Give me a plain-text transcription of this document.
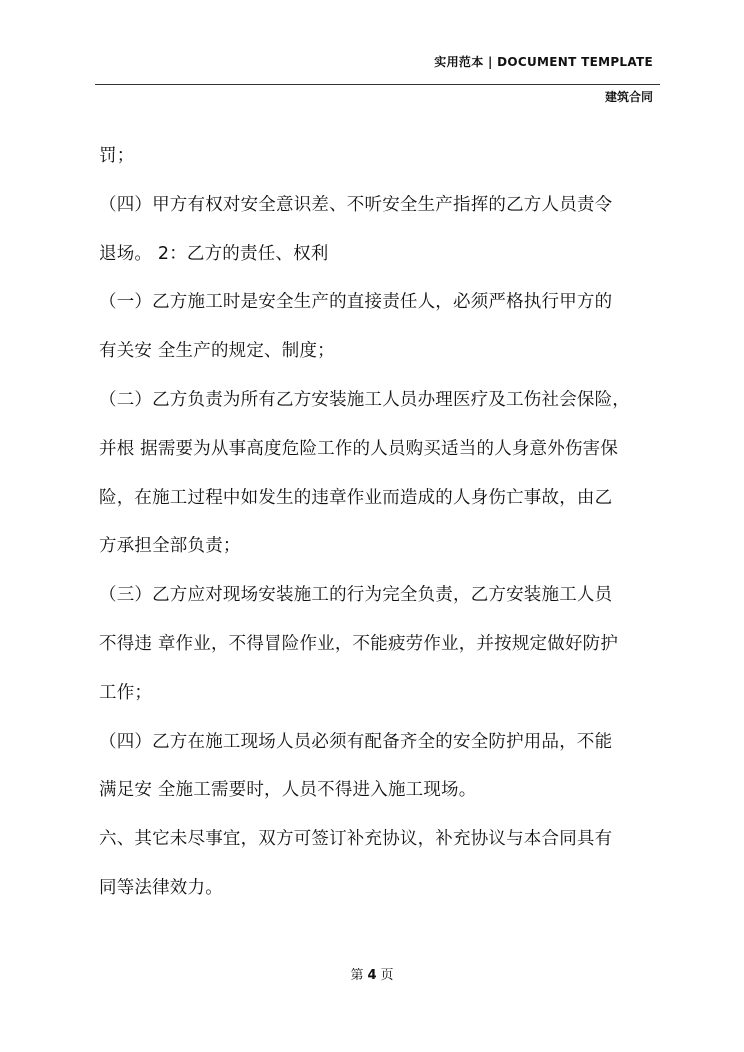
实用范本 | DOCUMENT TEMPLATE
建筑合同
罚；
（四）甲方有权对安全意识差、不听安全生产指挥的乙方人员责令
退场。 2：乙方的责任、权利
（一）乙方施工时是安全生产的直接责任人，必须严格执行甲方的
有关安 全生产的规定、制度；
（二）乙方负责为所有乙方安装施工人员办理医疗及工伤社会保险，
并根 据需要为从事高度危险工作的人员购买适当的人身意外伤害保
险，在施工过程中如发生的违章作业而造成的人身伤亡事故，由乙
方承担全部负责；
（三）乙方应对现场安装施工的行为完全负责，乙方安装施工人员
不得违 章作业，不得冒险作业，不能疲劳作业，并按规定做好防护
工作；
（四）乙方在施工现场人员必须有配备齐全的安全防护用品，不能
满足安 全施工需要时，人员不得进入施工现场。
六、其它未尽事宜，双方可签订补充协议，补充协议与本合同具有
同等法律效力。
第 4 页
